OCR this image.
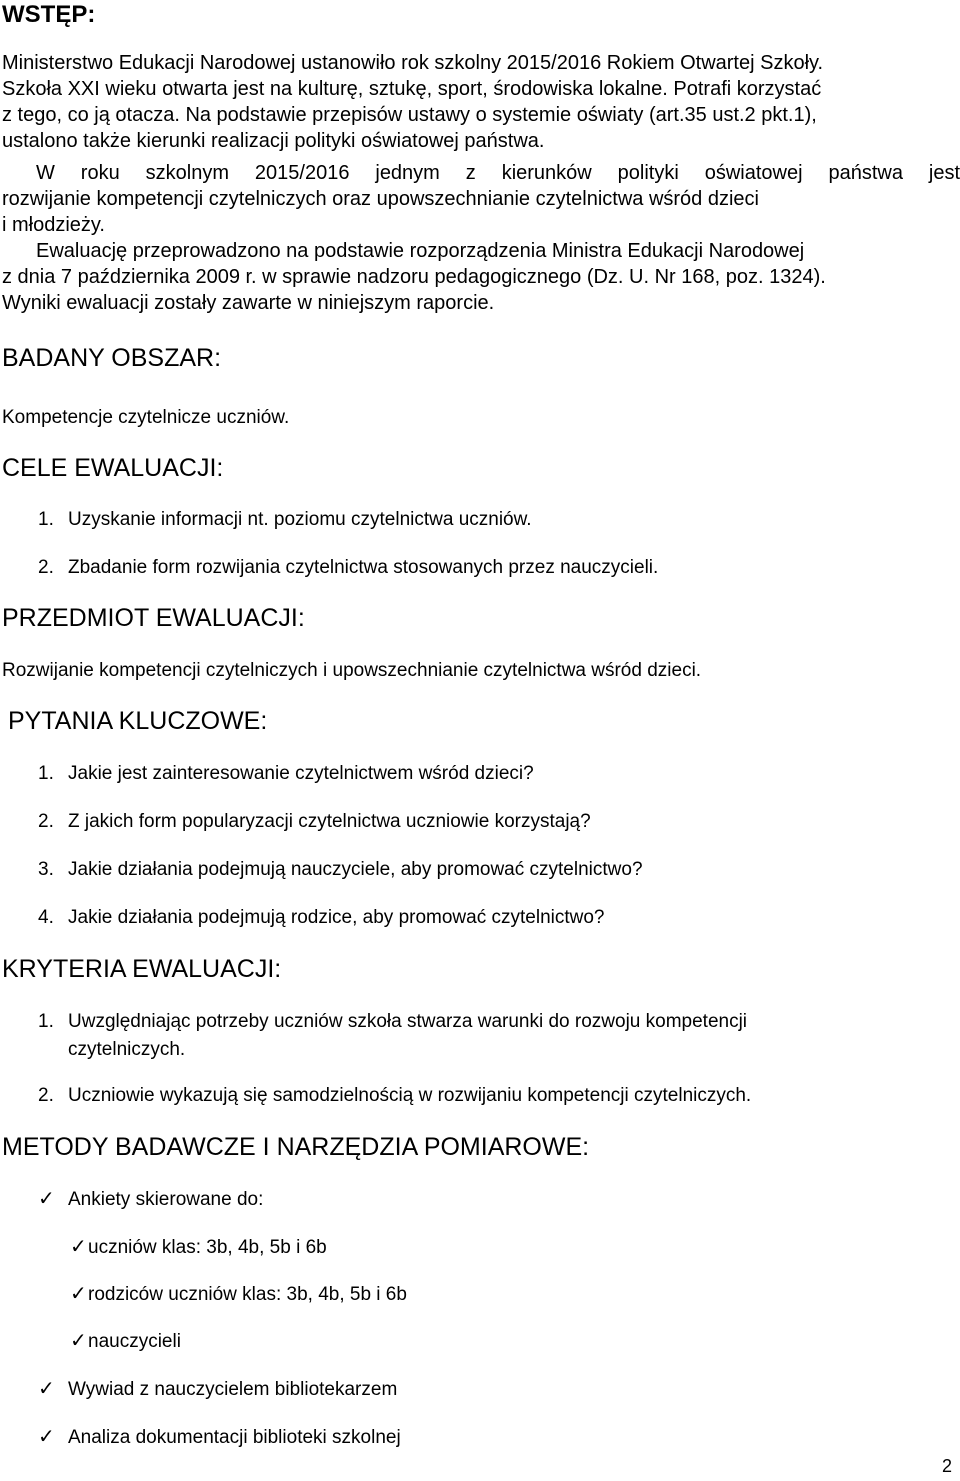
WSTĘP:
Ministerstwo Edukacji Narodowej ustanowiło rok szkolny 2015/2016 Rokiem Otwartej Szkoły.
Szkoła XXI wieku otwarta jest na kulturę, sztukę, sport, środowiska lokalne. Potrafi korzystać
z tego, co ją otacza. Na podstawie przepisów ustawy o systemie oświaty (art.35 ust.2 pkt.1),
ustalono także kierunki realizacji polityki oświatowej państwa.
W roku szkolnym 2015/2016 jednym z kierunków polityki oświatowej państwa jest
rozwijanie kompetencji czytelniczych oraz upowszechnianie czytelnictwa wśród dzieci
i młodzieży.
Ewaluację przeprowadzono na podstawie rozporządzenia Ministra Edukacji Narodowej
z dnia 7 października 2009 r. w sprawie nadzoru pedagogicznego (Dz. U. Nr 168, poz. 1324).
Wyniki ewaluacji zostały zawarte w niniejszym raporcie.
BADANY OBSZAR:
Kompetencje czytelnicze uczniów.
CELE EWALUACJI:
1. Uzyskanie informacji nt. poziomu czytelnictwa uczniów.
2. Zbadanie form rozwijania czytelnictwa stosowanych przez nauczycieli.
PRZEDMIOT EWALUACJI:
Rozwijanie kompetencji czytelniczych i upowszechnianie czytelnictwa wśród dzieci.
PYTANIA KLUCZOWE:
1. Jakie jest zainteresowanie czytelnictwem wśród dzieci?
2. Z jakich form popularyzacji czytelnictwa uczniowie korzystają?
3. Jakie działania podejmują nauczyciele, aby promować czytelnictwo?
4. Jakie działania podejmują rodzice, aby promować czytelnictwo?
KRYTERIA EWALUACJI:
1. Uwzględniając potrzeby uczniów szkoła stwarza warunki do rozwoju kompetencji
czytelniczych.
2. Uczniowie wykazują się samodzielnością w rozwijaniu kompetencji czytelniczych.
METODY BADAWCZE I NARZĘDZIA POMIAROWE:
✓ Ankiety skierowane do:
✓uczniów klas: 3b, 4b, 5b i 6b
✓rodziców uczniów klas: 3b, 4b, 5b i 6b
✓nauczycieli
✓ Wywiad z nauczycielem bibliotekarzem
✓ Analiza dokumentacji biblioteki szkolnej
2
